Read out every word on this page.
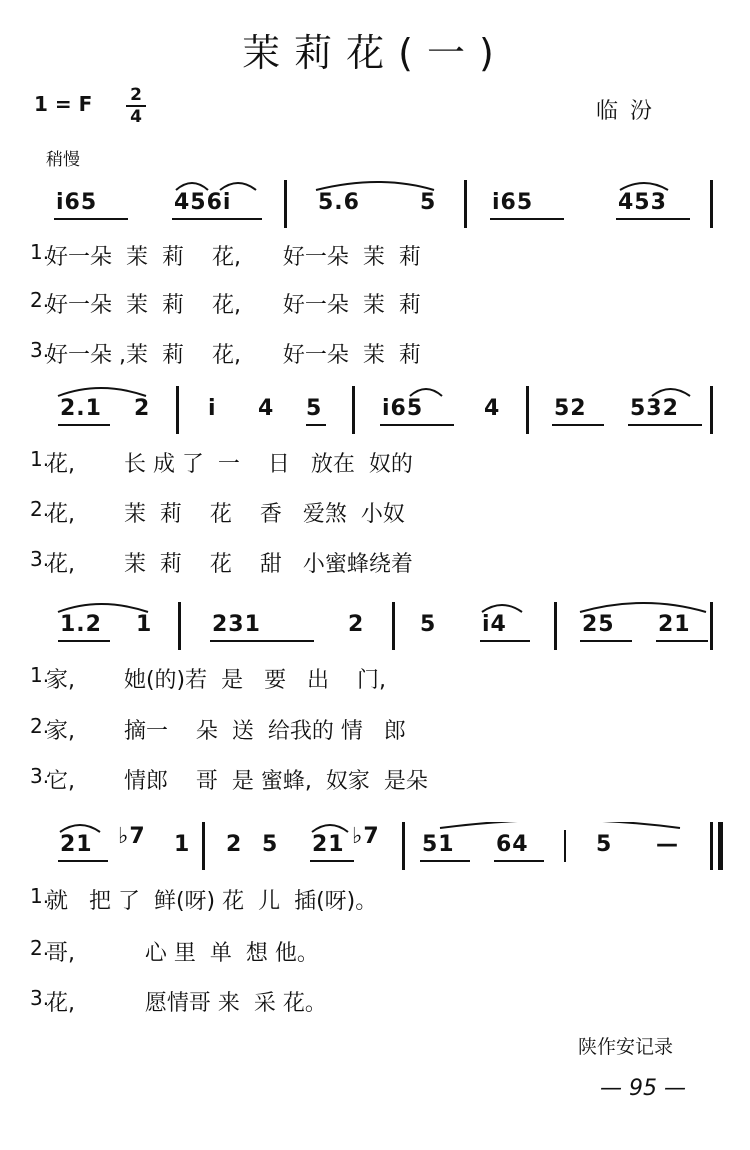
茉莉花(一)
1 = F 2
4	临汾
稍慢
i65	456i	5.6	5	i65	453
1.
好一朵  茉  莉    花,      好一朵  茉  莉
2.
好一朵  茉  莉    花,      好一朵  茉  莉
3.
好一朵 ,茉  莉    花,      好一朵  茉  莉
2.1 2	i 4 5	i65	4 52 532
1.
花,       长 成 了  一    日   放在  奴的
2.
花,       茉  莉    花    香   爱煞  小奴
3.
花,       茉  莉    花    甜   小蜜蜂绕着
1.2 1	231	2	5 i4	25 21
1.
家,       她(的)若  是   要   出    门,
2.
家,       摘一    朵  送  给我的 情   郎
3.
它,       情郎    哥  是 蜜蜂,  奴家  是朵
21 ♭7 1 2 5 21 ♭7 51 64	5 —
1.
就   把 了  鲜(呀) 花  儿  插(呀)。
2.
哥,          心 里  单  想 他。
3.
花,          愿情哥 来  采 花。
陕作安记录
— 95 —
